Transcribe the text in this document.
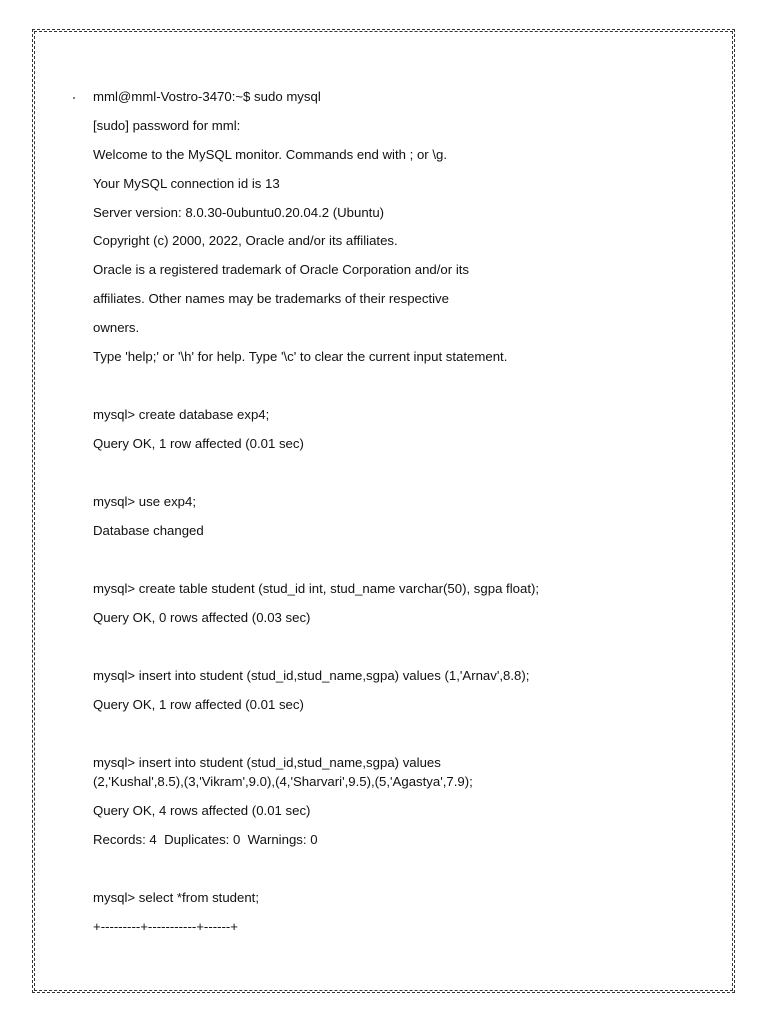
mml@mml-Vostro-3470:~$ sudo mysql
[sudo] password for mml:
Welcome to the MySQL monitor. Commands end with ; or \g.
Your MySQL connection id is 13
Server version: 8.0.30-0ubuntu0.20.04.2 (Ubuntu)
Copyright (c) 2000, 2022, Oracle and/or its affiliates.
Oracle is a registered trademark of Oracle Corporation and/or its
affiliates. Other names may be trademarks of their respective
owners.
Type 'help;' or '\h' for help. Type '\c' to clear the current input statement.
mysql> create database exp4;
Query OK, 1 row affected (0.01 sec)
mysql> use exp4;
Database changed
mysql> create table student (stud_id int, stud_name varchar(50), sgpa float);
Query OK, 0 rows affected (0.03 sec)
mysql> insert into student (stud_id,stud_name,sgpa) values (1,'Arnav',8.8);
Query OK, 1 row affected (0.01 sec)
mysql> insert into student (stud_id,stud_name,sgpa) values
(2,'Kushal',8.5),(3,'Vikram',9.0),(4,'Sharvari',9.5),(5,'Agastya',7.9);
Query OK, 4 rows affected (0.01 sec)
Records: 4  Duplicates: 0  Warnings: 0
mysql> select *from student;
+---------+-----------+------+
